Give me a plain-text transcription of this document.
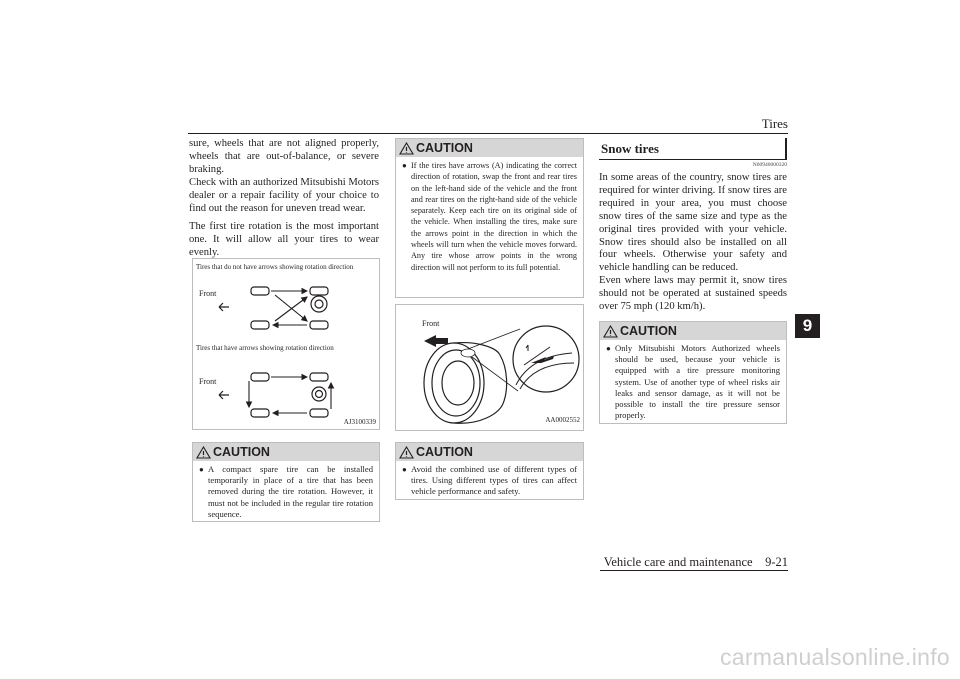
Tires
9

sure, wheels that are not aligned properly, wheels that are out-of-balance, or severe braking.

Check with an authorized Mitsubishi Motors dealer or a repair facility of your choice to find out the reason for uneven tread wear.

The first tire rotation is the most important one. It will allow all your tires to wear evenly.

Tires that do not have arrows showing rotation direction
Front
Tires that have arrows showing rotation direction
Front
AJ3100339
CAUTION
● A compact spare tire can be installed temporarily in place of a tire that has been removed during the tire rotation. However, it must not be included in the regular tire rotation sequence.
CAUTION
● If the tires have arrows (A) indicating the correct direction of rotation, swap the front and rear tires on the left-hand side of the vehicle and the front and rear tires on the right-hand side of the vehicle separately. Keep each tire on its original side of the vehicle. When installing the tires, make sure the arrows point in the direction in which the wheels will turn when the vehicle moves forward. Any tire whose arrow points in the wrong direction will not perform to its full potential.
Front
AA0002552
CAUTION
● Avoid the combined use of different types of tires. Using different types of tires can affect vehicle performance and safety.
Snow tires
N00940000320

In some areas of the country, snow tires are required for winter driving. If snow tires are required in your area, you must choose snow tires of the same size and type as the original tires provided with your vehicle. Snow tires should also be installed on all four wheels. Otherwise your safety and vehicle handling can be reduced.

Even where laws may permit it, snow tires should not be operated at sustained speeds over 75 mph (120 km/h).

CAUTION
● Only Mitsubishi Motors Authorized wheels should be used, because your vehicle is equipped with a tire pressure monitoring system. Use of another type of wheel risks air leaks and sensor damage, as it will not be possible to install the tire pressure sensor properly.
Vehicle care and maintenance 9-21
carmanualsonline.info
